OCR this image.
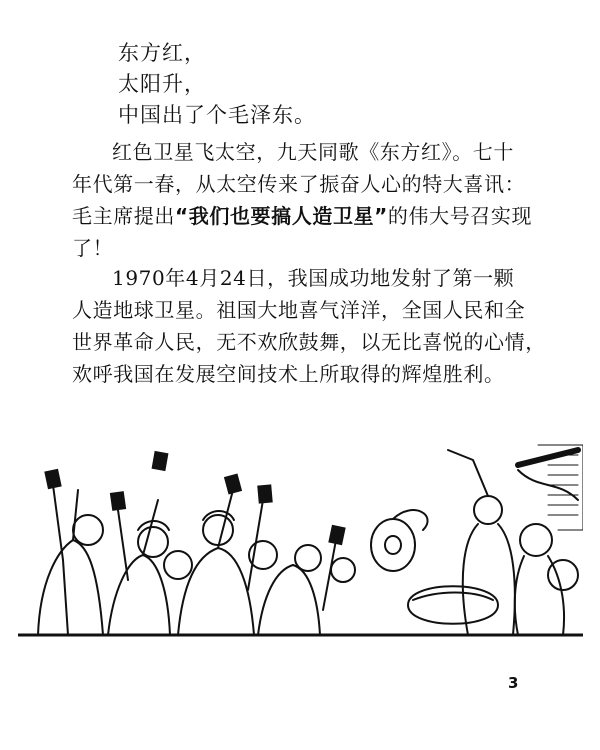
东方红，
太阳升，
中国出了个毛泽东。
红色卫星飞太空，九天同歌《东方红》。七十
年代第一春，从太空传来了振奋人心的特大喜讯：
毛主席提出“我们也要搞人造卫星”的伟大号召实现
了！
1970年4月24日，我国成功地发射了第一颗
人造地球卫星。祖国大地喜气洋洋，全国人民和全
世界革命人民，无不欢欣鼓舞，以无比喜悦的心情，
欢呼我国在发展空间技术上所取得的辉煌胜利。
3
